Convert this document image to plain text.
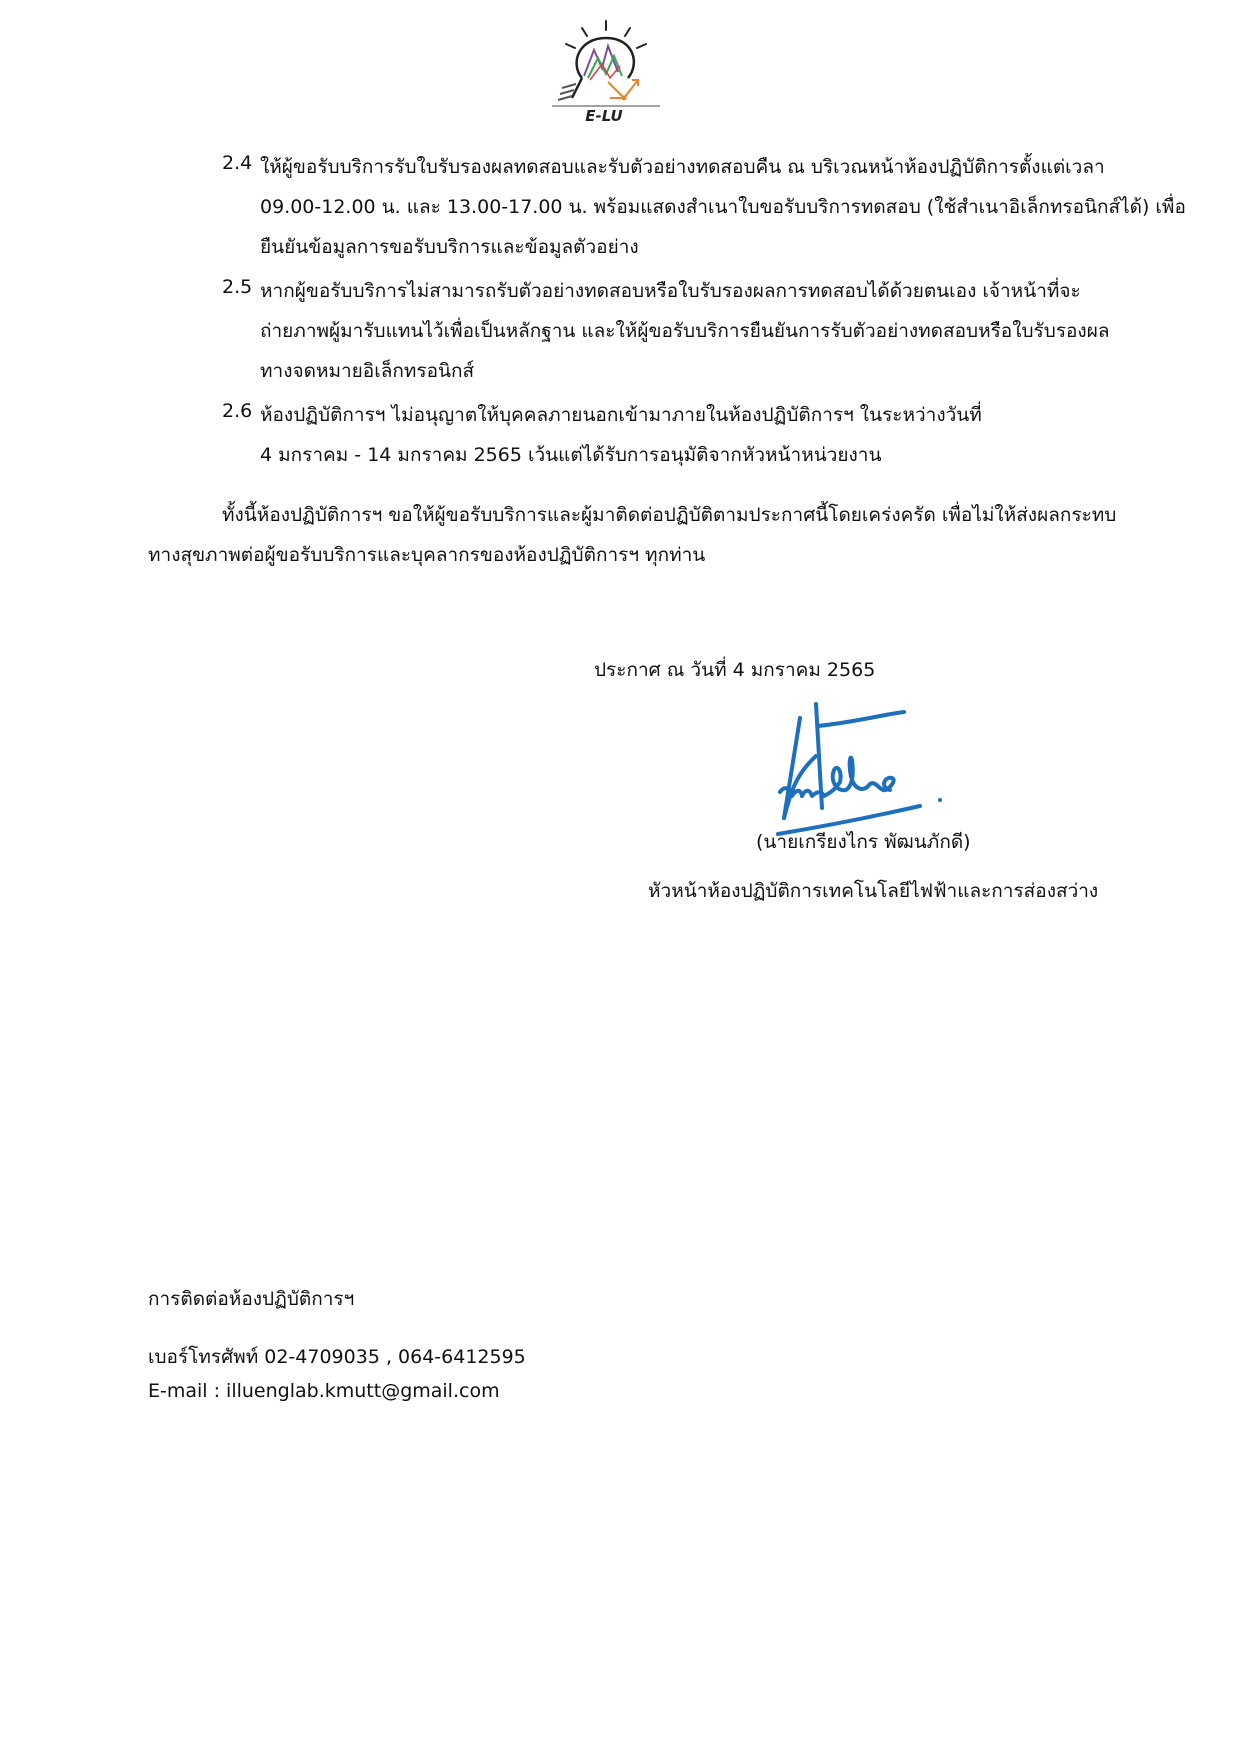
E-LU
2.4 ให้ผู้ขอรับบริการรับใบรับรองผลทดสอบและรับตัวอย่างทดสอบคืน ณ บริเวณหน้าห้องปฏิบัติการตั้งแต่เวลา
09.00-12.00 น. และ 13.00-17.00 น. พร้อมแสดงสำเนาใบขอรับบริการทดสอบ (ใช้สำเนาอิเล็กทรอนิกส์ได้) เพื่อ
ยืนยันข้อมูลการขอรับบริการและข้อมูลตัวอย่าง
2.5 หากผู้ขอรับบริการไม่สามารถรับตัวอย่างทดสอบหรือใบรับรองผลการทดสอบได้ด้วยตนเอง เจ้าหน้าที่จะ
ถ่ายภาพผู้มารับแทนไว้เพื่อเป็นหลักฐาน และให้ผู้ขอรับบริการยืนยันการรับตัวอย่างทดสอบหรือใบรับรองผล
ทางจดหมายอิเล็กทรอนิกส์
2.6 ห้องปฏิบัติการฯ ไม่อนุญาตให้บุคคลภายนอกเข้ามาภายในห้องปฏิบัติการฯ ในระหว่างวันที่
4 มกราคม - 14 มกราคม 2565 เว้นแต่ได้รับการอนุมัติจากหัวหน้าหน่วยงาน
ทั้งนี้ห้องปฏิบัติการฯ ขอให้ผู้ขอรับบริการและผู้มาติดต่อปฏิบัติตามประกาศนี้โดยเคร่งครัด เพื่อไม่ให้ส่งผลกระทบ
ทางสุขภาพต่อผู้ขอรับบริการและบุคลากรของห้องปฏิบัติการฯ ทุกท่าน
ประกาศ ณ วันที่ 4 มกราคม 2565
(นายเกรียงไกร พัฒนภักดี)
หัวหน้าห้องปฏิบัติการเทคโนโลยีไฟฟ้าและการส่องสว่าง
การติดต่อห้องปฏิบัติการฯ
เบอร์โทรศัพท์ 02-4709035 , 064-6412595
E-mail : illuenglab.kmutt@gmail.com
